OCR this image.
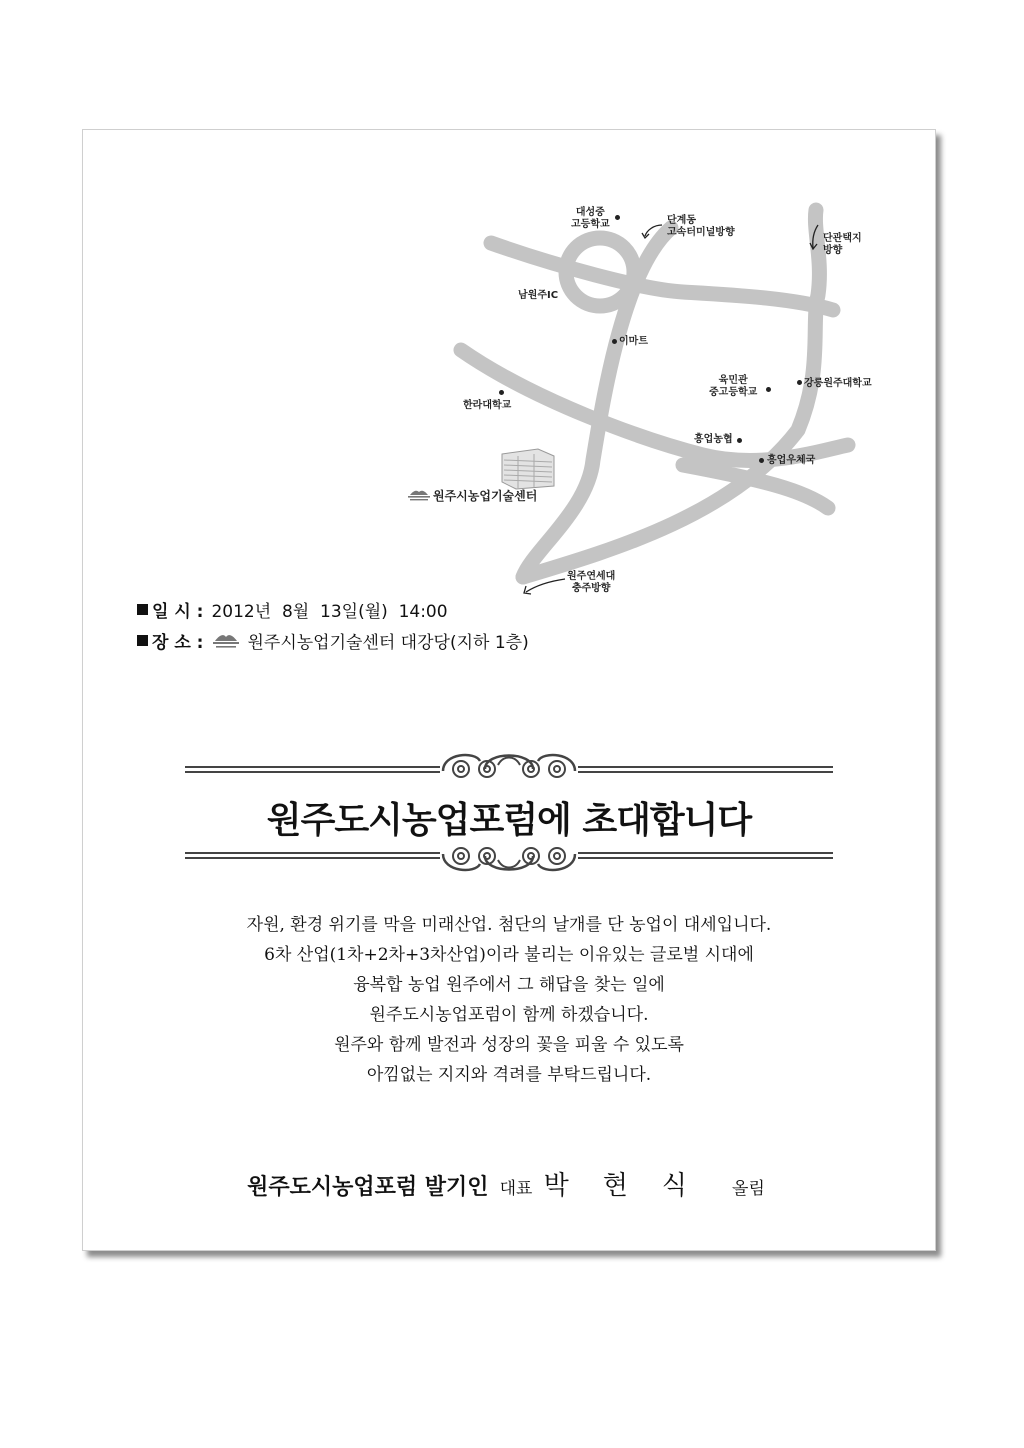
원주시농업기술센터
대성중
고등학교	단계동
고속터미널방향
단관택지
방향
남원주IC
이마트
육민관
중고등학교
강릉원주대학교
한라대학교
흥업농협
흥업우체국
원주연세대
충주방향
일 시 : 2012년  8월  13일(월)  14:00
장 소 :	원주시농업기술센터 대강당(지하 1층)
원주도시농업포럼에 초대합니다
자원, 환경 위기를 막을 미래산업. 첨단의 날개를 단 농업이 대세입니다.
6차 산업(1차+2차+3차산업)이라 불리는 이유있는 글로벌 시대에
융복합 농업 원주에서 그 해답을 찾는 일에
원주도시농업포럼이 함께 하겠습니다.
원주와 함께 발전과 성장의 꽃을 피울 수 있도록
아낌없는 지지와 격려를 부탁드립니다.
원주도시농업포럼 발기인 대표 박현식 올림
